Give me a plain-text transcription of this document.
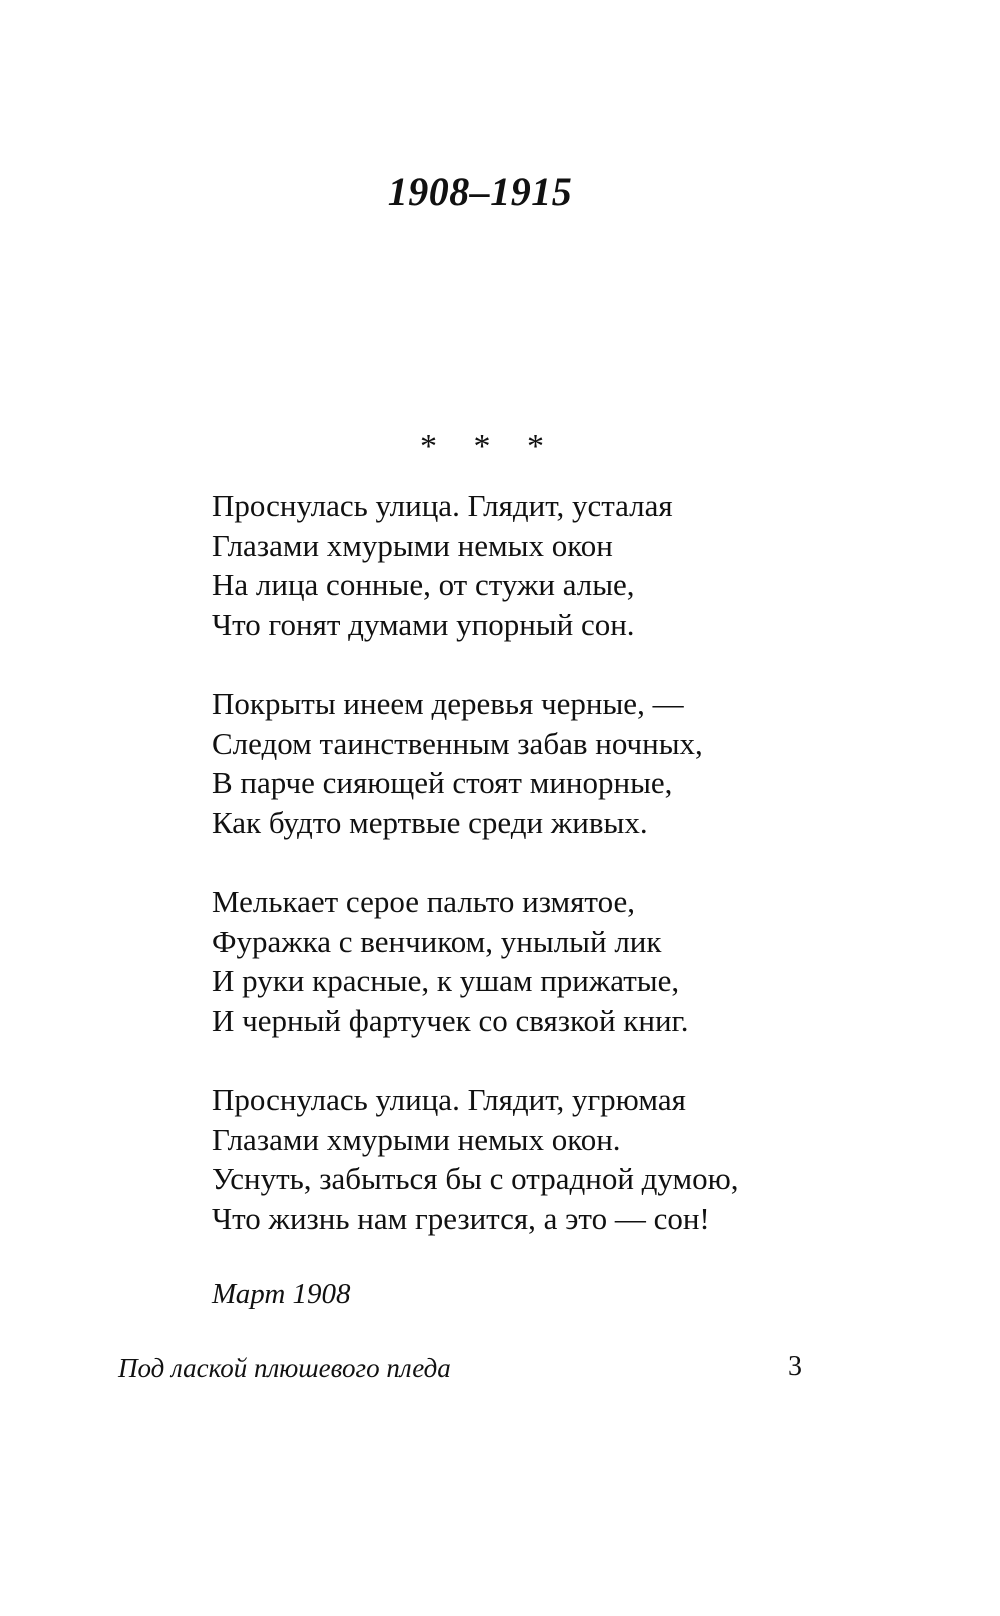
1908–1915
* * *
Проснулась улица. Глядит, усталая
Глазами хмурыми немых окон
На лица сонные, от стужи алые,
Что гонят думами упорный сон.
Покрыты инеем деревья черные, —
Следом таинственным забав ночных,
В парче сияющей стоят минорные,
Как будто мертвые среди живых.
Мелькает серое пальто измятое,
Фуражка с венчиком, унылый лик
И руки красные, к ушам прижатые,
И черный фартучек со связкой книг.
Проснулась улица. Глядит, угрюмая
Глазами хмурыми немых окон.
Уснуть, забыться бы с отрадной думою,
Что жизнь нам грезится, а это — сон!

Март 1908

Под лаской плюшевого пледа	3
